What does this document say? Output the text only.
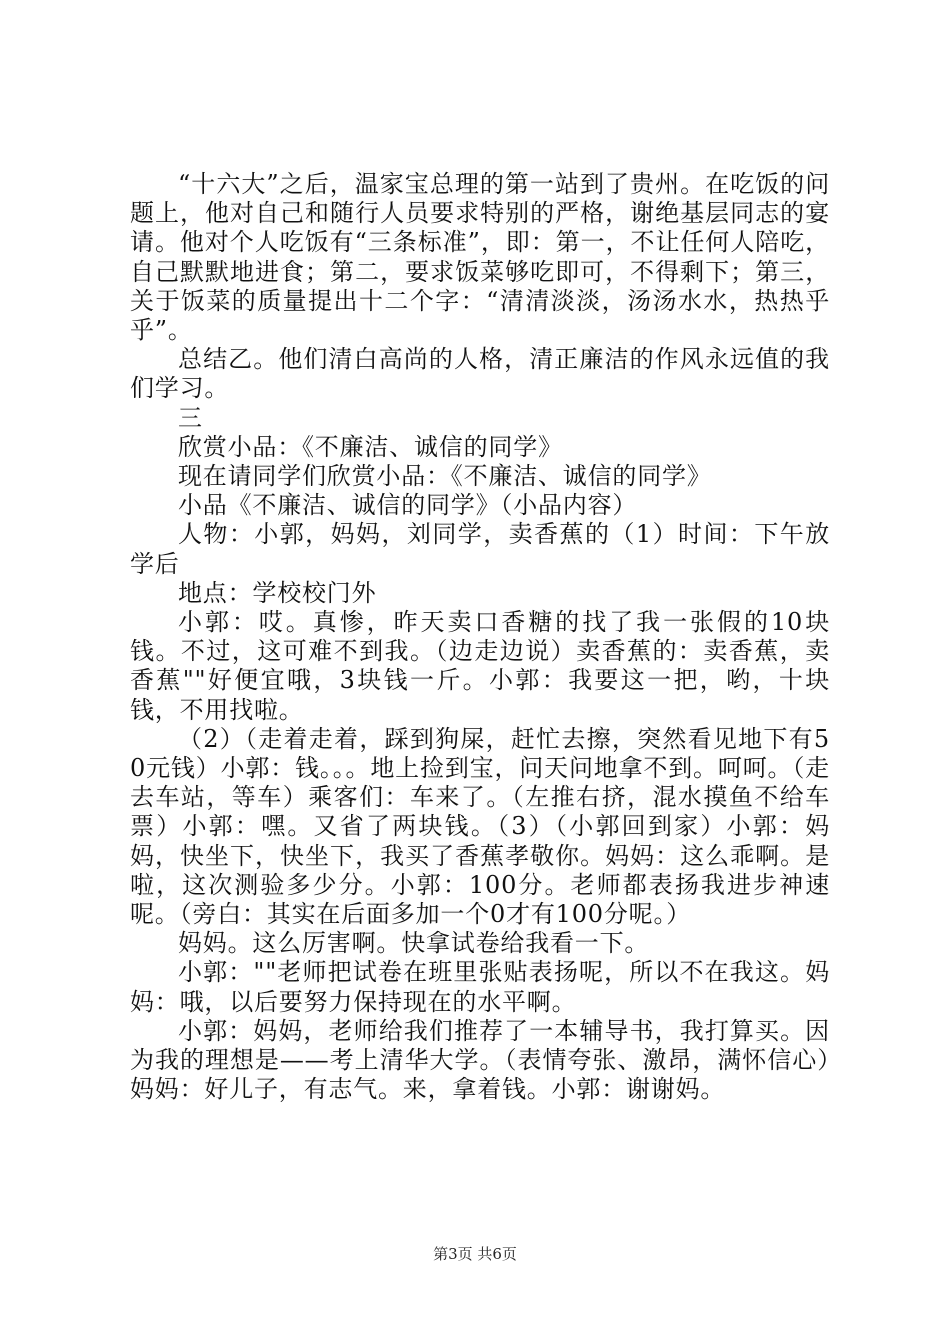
“十六大”之后，温家宝总理的第一站到了贵州。在吃饭的问题上，他对自己和随行人员要求特别的严格，谢绝基层同志的宴请。他对个人吃饭有“三条标准”，即：第一，不让任何人陪吃，自己默默地进食；第二，要求饭菜够吃即可，不得剩下；第三，关于饭菜的质量提出十二个字：“清清淡淡，汤汤水水，热热乎乎”。

总结乙。他们清白高尚的人格，清正廉洁的作风永远值的我们学习。

三

欣赏小品：《不廉洁、诚信的同学》

现在请同学们欣赏小品：《不廉洁、诚信的同学》

小品《不廉洁、诚信的同学》（小品内容）

人物：小郭，妈妈，刘同学，卖香蕉的（1）时间：下午放学后

地点：学校校门外

小郭：哎。真惨，昨天卖口香糖的找了我一张假的10块钱。不过，这可难不到我。（边走边说）卖香蕉的：卖香蕉，卖香蕉""好便宜哦，3块钱一斤。小郭：我要这一把，哟，十块钱，不用找啦。

（2）（走着走着，踩到狗屎，赶忙去擦，突然看见地下有50元钱）小郭：钱。。。地上捡到宝，问天问地拿不到。呵呵。（走去车站，等车）乘客们：车来了。（左推右挤，混水摸鱼不给车票）小郭：嘿。又省了两块钱。（3）（小郭回到家）小郭：妈妈，快坐下，快坐下，我买了香蕉孝敬你。妈妈：这么乖啊。是啦，这次测验多少分。小郭：100分。老师都表扬我进步神速呢。（旁白：其实在后面多加一个0才有100分呢。）

妈妈。这么厉害啊。快拿试卷给我看一下。

小郭：""老师把试卷在班里张贴表扬呢，所以不在我这。妈妈：哦，以后要努力保持现在的水平啊。

小郭：妈妈，老师给我们推荐了一本辅导书，我打算买。因为我的理想是——考上清华大学。（表情夸张、激昂，满怀信心）妈妈：好儿子，有志气。来，拿着钱。小郭：谢谢妈。

第3页 共6页
